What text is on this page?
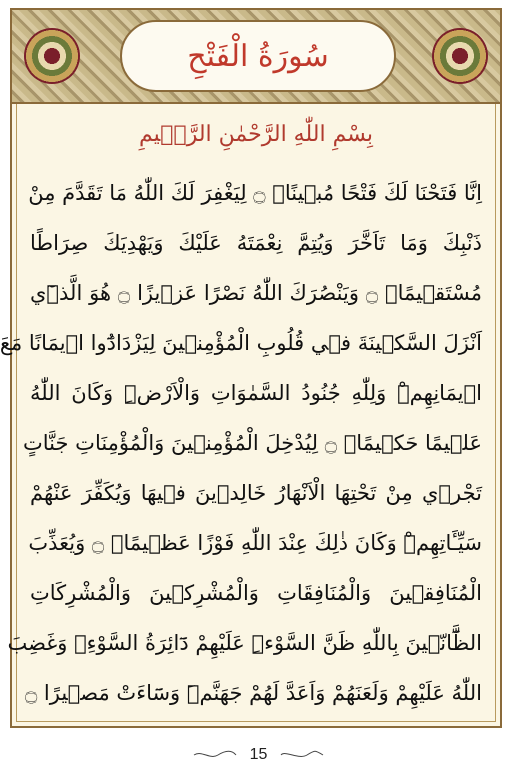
سُورَةُ الْفَتْحِ
بِسْمِ اللّٰهِ الرَّحْمٰنِ الرَّح۪يمِ
اِنَّا فَتَحْنَا لَكَ فَتْحًا مُب۪ينًاۙ ۝ لِيَغْفِرَ لَكَ اللّٰهُ مَا تَقَدَّمَ مِنْ
ذَنْبِكَ وَمَا تَاَخَّرَ وَيُتِمَّ نِعْمَتَهُ عَلَيْكَ وَيَهْدِيَكَ صِرَاطًا
مُسْتَق۪يمًاۙ ۝ وَيَنْصُرَكَ اللّٰهُ نَصْرًا عَز۪يزًا ۝ هُوَ الَّذ۪ٓي
اَنْزَلَ السَّك۪ينَةَ ف۪ي قُلُوبِ الْمُؤْمِن۪ينَ لِيَزْدَادُٓوا ا۪يمَانًا مَعَ
ا۪يمَانِهِمْۜ وَلِلّٰهِ جُنُودُ السَّمٰوَاتِ وَالْاَرْضِۜ وَكَانَ اللّٰهُ
عَل۪يمًا حَك۪يمًاۙ ۝ لِيُدْخِلَ الْمُؤْمِن۪ينَ وَالْمُؤْمِنَاتِ جَنَّاتٍ
تَجْر۪ي مِنْ تَحْتِهَا الْاَنْهَارُ خَالِد۪ينَ ف۪يهَا وَيُكَفِّرَ عَنْهُمْ
سَيِّـَٔاتِهِمْۜ وَكَانَ ذٰلِكَ عِنْدَ اللّٰهِ فَوْزًا عَظ۪يمًاۙ ۝ وَيُعَذِّبَ
الْمُنَافِق۪ينَ وَالْمُنَافِقَاتِ وَالْمُشْرِك۪ينَ وَالْمُشْرِكَاتِ
الظَّٓانّ۪ينَ بِاللّٰهِ ظَنَّ السَّوْءِۜ عَلَيْهِمْ دَٓائِرَةُ السَّوْءِۚ وَغَضِبَ
اللّٰهُ عَلَيْهِمْ وَلَعَنَهُمْ وَاَعَدَّ لَهُمْ جَهَنَّمَۜ وَسَٓاءَتْ مَص۪يرًا ۝
15
